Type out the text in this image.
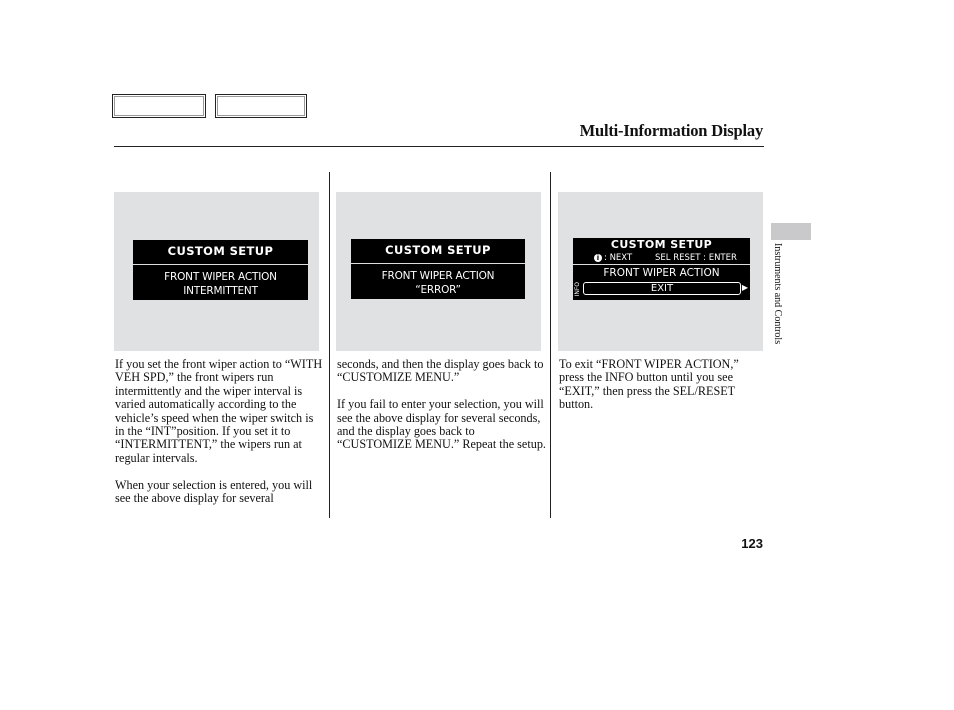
Multi-Information Display
CUSTOM SETUP
FRONT WIPER ACTION
INTERMITTENT
CUSTOM SETUP
FRONT WIPER ACTION
“ERROR”
CUSTOM SETUP
i : NEXT	SEL RESET : ENTER
FRONT WIPER ACTION
INFO	EXIT	▶

If you set the front wiper action to “WITH VEH SPD,” the front wipers run intermittently and the wiper interval is varied automatically according to the vehicle’s speed when the wiper switch is in the “INT”position. If you set it to “INTERMITTENT,” the wipers run at regular intervals.

When your selection is entered, you will see the above display for several

seconds, and then the display goes back to “CUSTOMIZE MENU.”

If you fail to enter your selection, you will see the above display for several seconds, and the display goes back to “CUSTOMIZE MENU.” Repeat the setup.

To exit “FRONT WIPER ACTION,” press the INFO button until you see “EXIT,” then press the SEL/RESET button.

Instruments and Controls
123
